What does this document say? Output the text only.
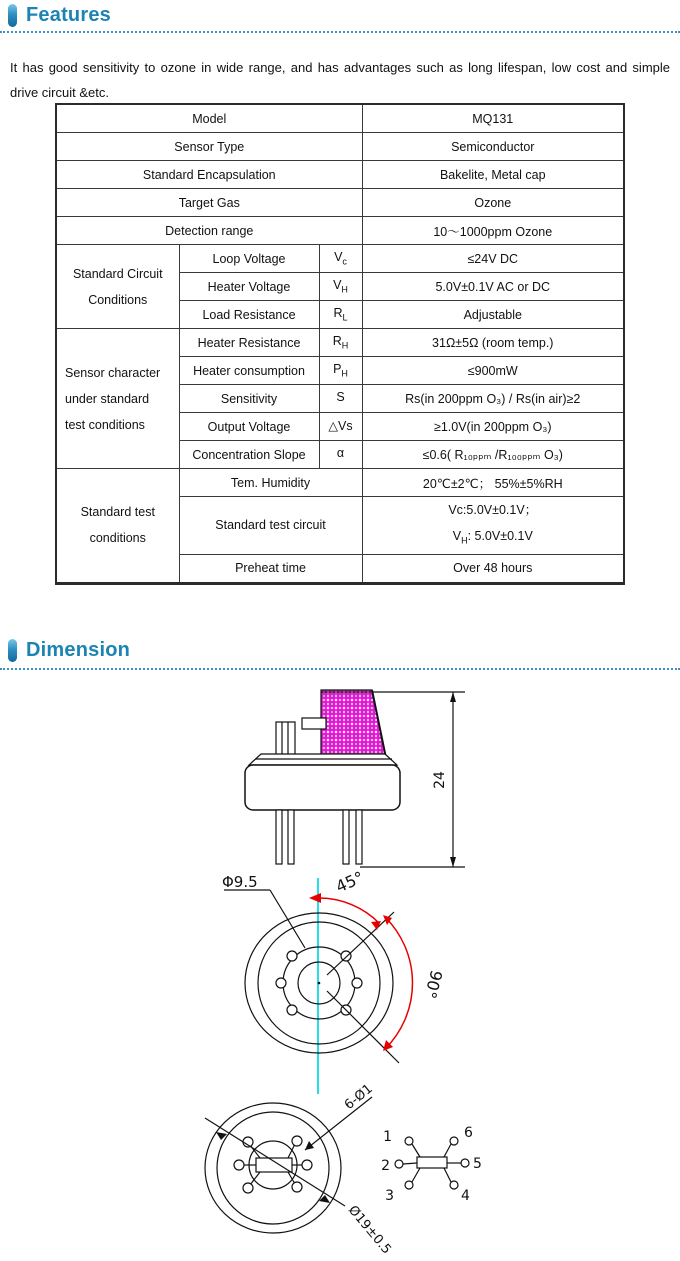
Features

It has good sensitivity to ozone in wide range, and has advantages such as long lifespan, low cost and simple drive circuit &etc.

Model			MQ131
Sensor Type			Semiconductor
Standard Encapsulation			Bakelite, Metal cap
Target Gas			Ozone
Detection range			10～1000ppm Ozone

Standard Circuit
Conditions	Loop Voltage	$V_c$	≤24V DC
	Heater Voltage	$V_H$	5.0V±0.1V AC or DC
	Load Resistance	$R_L$	Adjustable

Sensor character
under standard
test conditions	Heater Resistance	$R_H$	31Ω±5Ω (room temp.)
	Heater consumption	$P_H$	≤900mW
	Sensitivity	S	Rs(in 200ppm O₃) / Rs(in air)≥2
	Output Voltage	△Vs	≥1.0V(in 200ppm O₃)
	Concentration Slope	α	≤0.6( R₁₀ₚₚₘ /R₁₀₀ₚₚₘ O₃)

Standard test
conditions	Tem. Humidity		20℃±2℃； 55%±5%RH
	Standard test circuit		Vc:5.0V±0.1V；
$V_H$: 5.0V±0.1V

	Preheat time		Over 48 hours
Dimension
24
Φ9.5	45°
90°
6-Ø1
Ø19±0.5
1
2
3	4
5
6
